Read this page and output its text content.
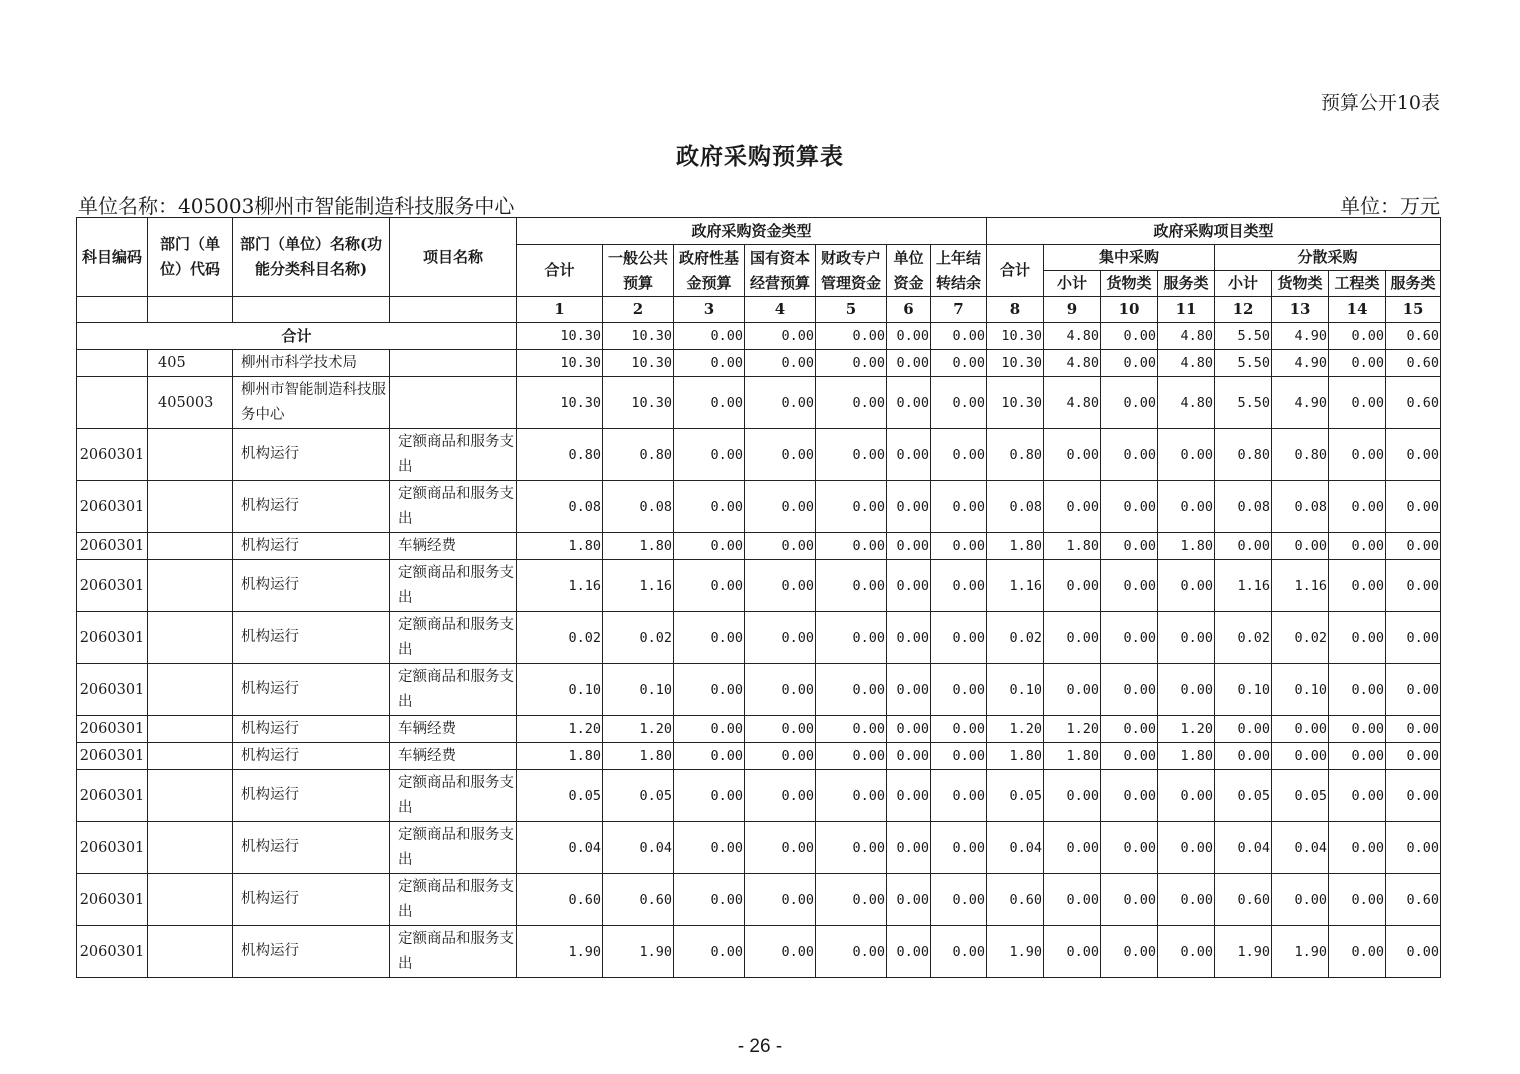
预算公开10表
政府采购预算表
单位名称：405003柳州市智能制造科技服务中心	单位：万元
科目编码	部门（单位）代码	部门（单位）名称(功能分类科目名称)	项目名称	政府采购资金类型							政府采购项目类型							
				合计	一般公共预算	政府性基金预算	国有资本经营预算	财政专户管理资金	单位资金	上年结转结余	合计	集中采购			分散采购			
												小计	货物类	服务类	小计	货物类	工程类	服务类
				1	2	3	4	5	6	7	8	9	10	11	12	13	14	15
合计				10.30	10.30	0.00	0.00	0.00	0.00	0.00	10.30	4.80	0.00	4.80	5.50	4.90	0.00	0.60
	405	柳州市科学技术局		10.30	10.30	0.00	0.00	0.00	0.00	0.00	10.30	4.80	0.00	4.80	5.50	4.90	0.00	0.60
	405003	柳州市智能制造科技服务中心		10.30	10.30	0.00	0.00	0.00	0.00	0.00	10.30	4.80	0.00	4.80	5.50	4.90	0.00	0.60
2060301		机构运行	定额商品和服务支出	0.80	0.80	0.00	0.00	0.00	0.00	0.00	0.80	0.00	0.00	0.00	0.80	0.80	0.00	0.00
2060301		机构运行	定额商品和服务支出	0.08	0.08	0.00	0.00	0.00	0.00	0.00	0.08	0.00	0.00	0.00	0.08	0.08	0.00	0.00
2060301		机构运行	车辆经费	1.80	1.80	0.00	0.00	0.00	0.00	0.00	1.80	1.80	0.00	1.80	0.00	0.00	0.00	0.00
2060301		机构运行	定额商品和服务支出	1.16	1.16	0.00	0.00	0.00	0.00	0.00	1.16	0.00	0.00	0.00	1.16	1.16	0.00	0.00
2060301		机构运行	定额商品和服务支出	0.02	0.02	0.00	0.00	0.00	0.00	0.00	0.02	0.00	0.00	0.00	0.02	0.02	0.00	0.00
2060301		机构运行	定额商品和服务支出	0.10	0.10	0.00	0.00	0.00	0.00	0.00	0.10	0.00	0.00	0.00	0.10	0.10	0.00	0.00
2060301		机构运行	车辆经费	1.20	1.20	0.00	0.00	0.00	0.00	0.00	1.20	1.20	0.00	1.20	0.00	0.00	0.00	0.00
2060301		机构运行	车辆经费	1.80	1.80	0.00	0.00	0.00	0.00	0.00	1.80	1.80	0.00	1.80	0.00	0.00	0.00	0.00
2060301		机构运行	定额商品和服务支出	0.05	0.05	0.00	0.00	0.00	0.00	0.00	0.05	0.00	0.00	0.00	0.05	0.05	0.00	0.00
2060301		机构运行	定额商品和服务支出	0.04	0.04	0.00	0.00	0.00	0.00	0.00	0.04	0.00	0.00	0.00	0.04	0.04	0.00	0.00
2060301		机构运行	定额商品和服务支出	0.60	0.60	0.00	0.00	0.00	0.00	0.00	0.60	0.00	0.00	0.00	0.60	0.00	0.00	0.60
2060301		机构运行	定额商品和服务支出	1.90	1.90	0.00	0.00	0.00	0.00	0.00	1.90	0.00	0.00	0.00	1.90	1.90	0.00	0.00
- 26 -
